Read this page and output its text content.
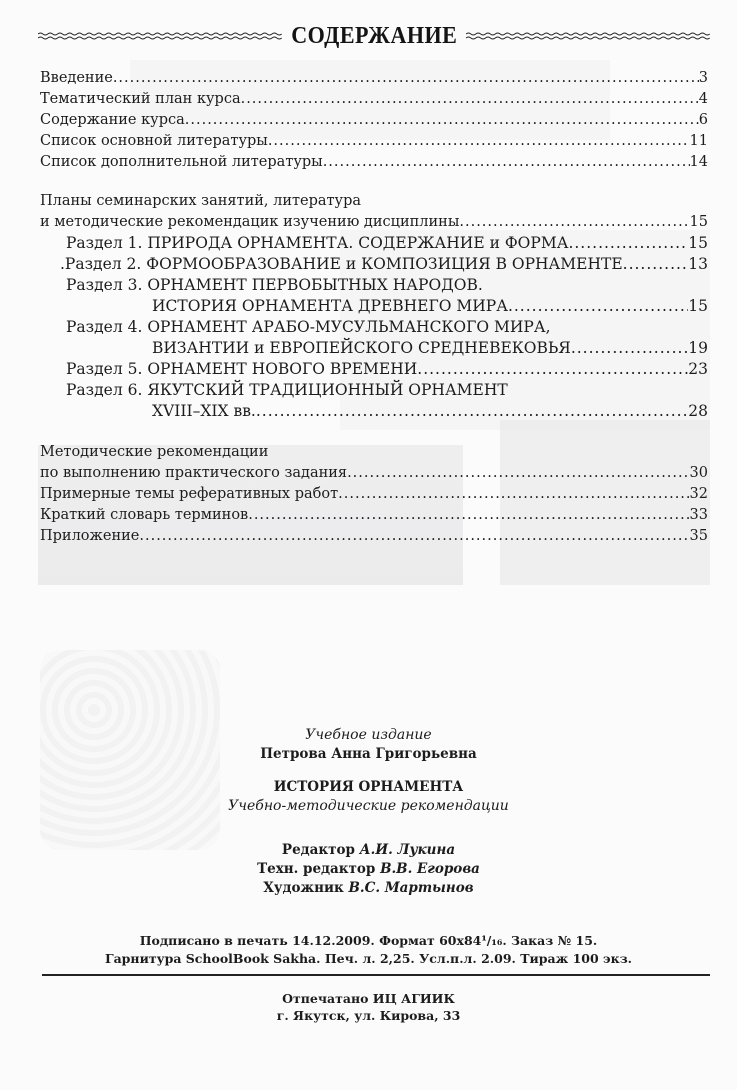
СОДЕРЖАНИЕ
Введение .....	3
Тематический план курса .....	4
Содержание курса .....	6
Список основной литературы .....	11
Список дополнительной литературы .....	14
Планы семинарских занятий, литература
и методические рекомендацик изучению дисциплины .....	15
Раздел 1. ПРИРОДА ОРНАМЕНТА. СОДЕРЖАНИЕ и ФОРМА .....	15
.Раздел 2. ФОРМООБРАЗОВАНИЕ и КОМПОЗИЦИЯ В ОРНАМЕНТЕ .....	13
Раздел 3. ОРНАМЕНТ ПЕРВОБЫТНЫХ НАРОДОВ.
ИСТОРИЯ ОРНАМЕНТА ДРЕВНЕГО МИРА .....	15
Раздел 4. ОРНАМЕНТ АРАБО-МУСУЛЬМАНСКОГО МИРА,
ВИЗАНТИИ и ЕВРОПЕЙСКОГО СРЕДНЕВЕКОВЬЯ .....	19
Раздел 5. ОРНАМЕНТ НОВОГО ВРЕМЕНИ .....	23
Раздел 6. ЯКУТСКИЙ ТРАДИЦИОННЫЙ ОРНАМЕНТ
XVIII–XIX вв. .....	28
Методические рекомендации
по выполнению практического задания .....	30
Примерные темы реферативных работ .....	32
Краткий словарь терминов .....	33
Приложение .....	35
Учебное издание
Петрова Анна Григорьевна
ИСТОРИЯ ОРНАМЕНТА
Учебно-методические рекомендации
Редактор А.И. Лукина
Техн. редактор В.В. Егорова
Художник В.С. Мартынов
Подписано в печать 14.12.2009. Формат 60x84¹/₁₆. Заказ № 15.
Гарнитура SchoolBook Sakha. Печ. л. 2,25. Усл.п.л. 2.09. Тираж 100 экз.
Отпечатано ИЦ АГИИК
г. Якутск, ул. Кирова, 33
